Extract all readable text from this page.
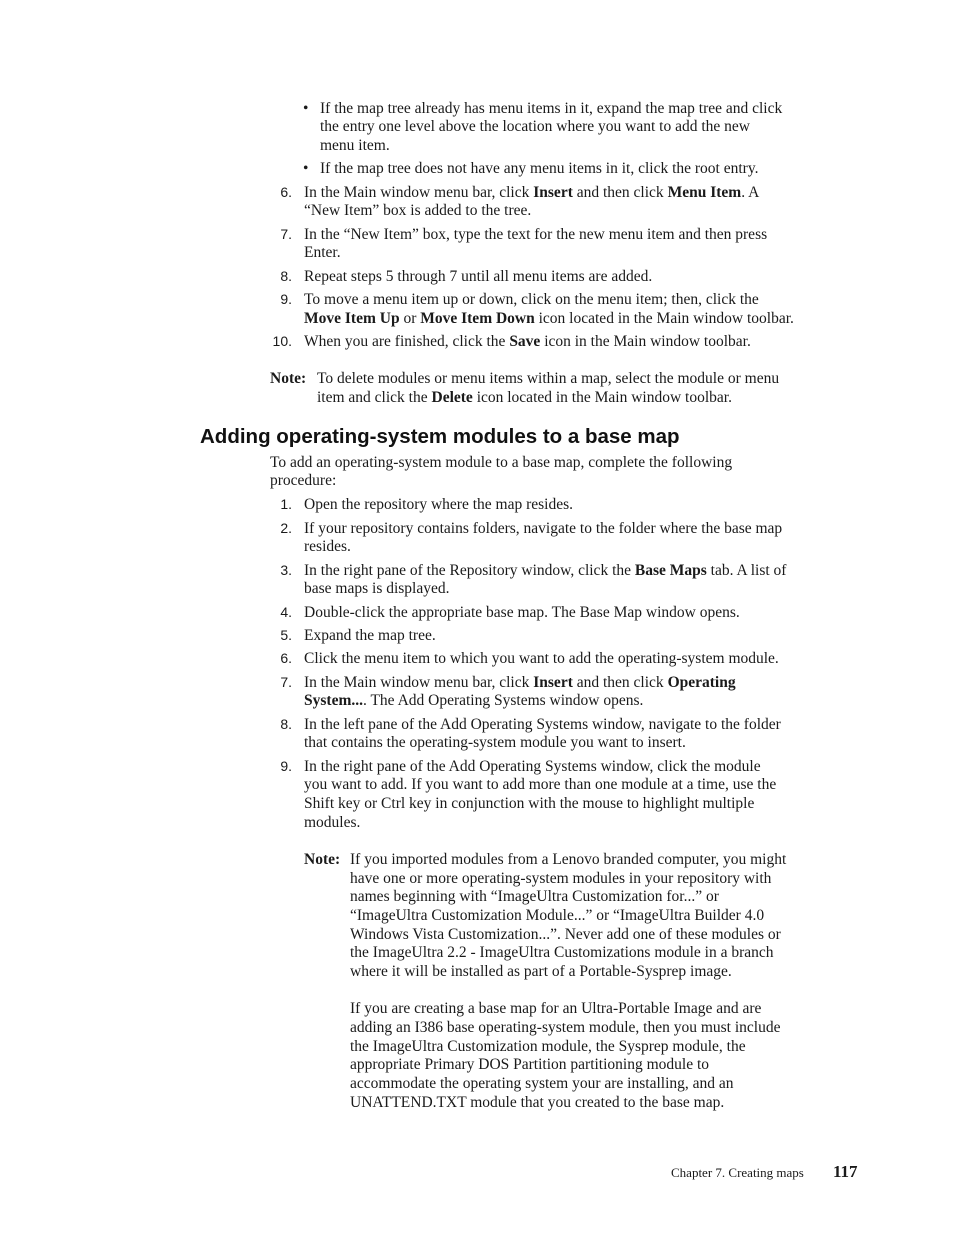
• If the map tree already has menu items in it, expand the map tree and click
the entry one level above the location where you want to add the new
menu item.
• If the map tree does not have any menu items in it, click the root entry.
6. In the Main window menu bar, click Insert and then click Menu Item. A
“New Item” box is added to the tree.
7. In the “New Item” box, type the text for the new menu item and then press
Enter.
8. Repeat steps 5 through 7 until all menu items are added.
9. To move a menu item up or down, click on the menu item; then, click the
Move Item Up or Move Item Down icon located in the Main window toolbar.
10. When you are finished, click the Save icon in the Main window toolbar.
Note: To delete modules or menu items within a map, select the module or menu
item and click the Delete icon located in the Main window toolbar.
Adding operating-system modules to a base map
To add an operating-system module to a base map, complete the following
procedure:
1. Open the repository where the map resides.
2. If your repository contains folders, navigate to the folder where the base map
resides.
3. In the right pane of the Repository window, click the Base Maps tab. A list of
base maps is displayed.
4. Double-click the appropriate base map. The Base Map window opens.
5. Expand the map tree.
6. Click the menu item to which you want to add the operating-system module.
7. In the Main window menu bar, click Insert and then click Operating
System.... The Add Operating Systems window opens.
8. In the left pane of the Add Operating Systems window, navigate to the folder
that contains the operating-system module you want to insert.
9. In the right pane of the Add Operating Systems window, click the module
you want to add. If you want to add more than one module at a time, use the
Shift key or Ctrl key in conjunction with the mouse to highlight multiple
modules.
Note: If you imported modules from a Lenovo branded computer, you might
have one or more operating-system modules in your repository with
names beginning with “ImageUltra Customization for...” or
“ImageUltra Customization Module...” or “ImageUltra Builder 4.0
Windows Vista Customization...”. Never add one of these modules or
the ImageUltra 2.2 - ImageUltra Customizations module in a branch
where it will be installed as part of a Portable-Sysprep image.
If you are creating a base map for an Ultra-Portable Image and are
adding an I386 base operating-system module, then you must include
the ImageUltra Customization module, the Sysprep module, the
appropriate Primary DOS Partition partitioning module to
accommodate the operating system your are installing, and an
UNATTEND.TXT module that you created to the base map.
Chapter 7. Creating maps 117
